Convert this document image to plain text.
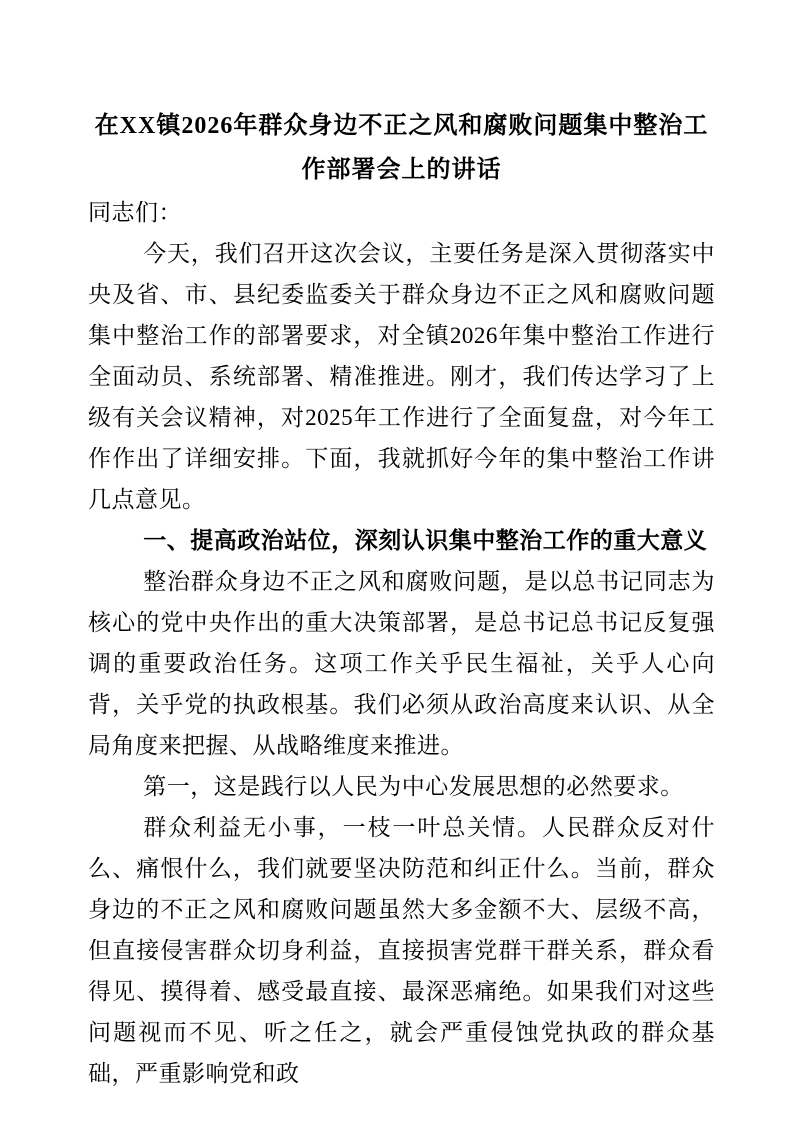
在XX镇2026年群众身边不正之风和腐败问题集中整治工作部署会上的讲话

同志们：

今天，我们召开这次会议，主要任务是深入贯彻落实中央及省、市、县纪委监委关于群众身边不正之风和腐败问题集中整治工作的部署要求，对全镇2026年集中整治工作进行全面动员、系统部署、精准推进。刚才，我们传达学习了上级有关会议精神，对2025年工作进行了全面复盘，对今年工作作出了详细安排。下面，我就抓好今年的集中整治工作讲几点意见。

一、提高政治站位，深刻认识集中整治工作的重大意义

整治群众身边不正之风和腐败问题，是以总书记同志为核心的党中央作出的重大决策部署，是总书记总书记反复强调的重要政治任务。这项工作关乎民生福祉，关乎人心向背，关乎党的执政根基。我们必须从政治高度来认识、从全局角度来把握、从战略维度来推进。

第一，这是践行以人民为中心发展思想的必然要求。

群众利益无小事，一枝一叶总关情。人民群众反对什么、痛恨什么，我们就要坚决防范和纠正什么。当前，群众身边的不正之风和腐败问题虽然大多金额不大、层级不高，但直接侵害群众切身利益，直接损害党群干群关系，群众看得见、摸得着、感受最直接、最深恶痛绝。如果我们对这些问题视而不见、听之任之，就会严重侵蚀党执政的群众基础，严重影响党和政
